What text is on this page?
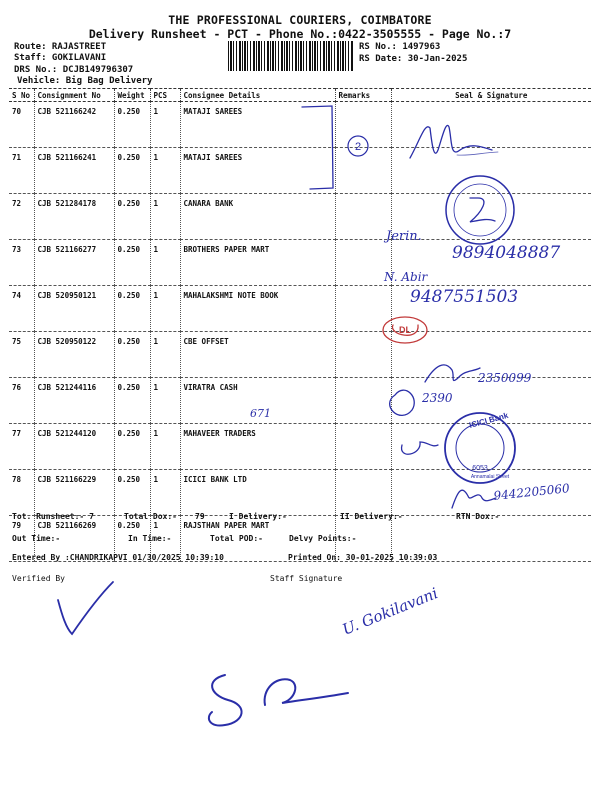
THE PROFESSIONAL COURIERS, COIMBATORE
Delivery Runsheet - PCT - Phone No.:0422-3505555 - Page No.:7
Route: RAJASTREET
Staff: GOKILAVANI
DRS No.: DCJB149796307
Vehicle: Big Bag Delivery
RS No.: 1497963
RS Date: 30-Jan-2025
S No	Consignment No	Weight	PCS	Consignee Details	Remarks	Seal & Signature
70	CJB 521166242	0.250	1	MATAJI SAREES		
71	CJB 521166241	0.250	1	MATAJI SAREES		
72	CJB 521284178	0.250	1	CANARA BANK		
73	CJB 521166277	0.250	1	BROTHERS PAPER MART		
74	CJB 520950121	0.250	1	MAHALAKSHMI NOTE BOOK		
75	CJB 520950122	0.250	1	CBE OFFSET		
76	CJB 521244116	0.250	1	VIRATRA CASH		
77	CJB 521244120	0.250	1	MAHAVEER TRADERS		
78	CJB 521166229	0.250	1	ICICI BANK LTD		
79	CJB 521166269	0.250	1	RAJSTHAN PAPER MART		
Tot. Runsheet:- 7	Total Dox:- 79	I Delivery:-	II Delivery:-	RTN Dox:-
Out Time:-	In Time:-	Total POD:-	Delvy Points:-
Entered By :CHANDRIKAPVI 01/30/2025 10:39:10	Printed On: 30-01-2025 10:39:03
Verified By	Staff Signature
2
DL
ICICI Bank
6053
Annamalai Street
Jerin.
9894048887
N. Abir
9487551503
2350099
2390
671
9442205060
U. Gokilavani
